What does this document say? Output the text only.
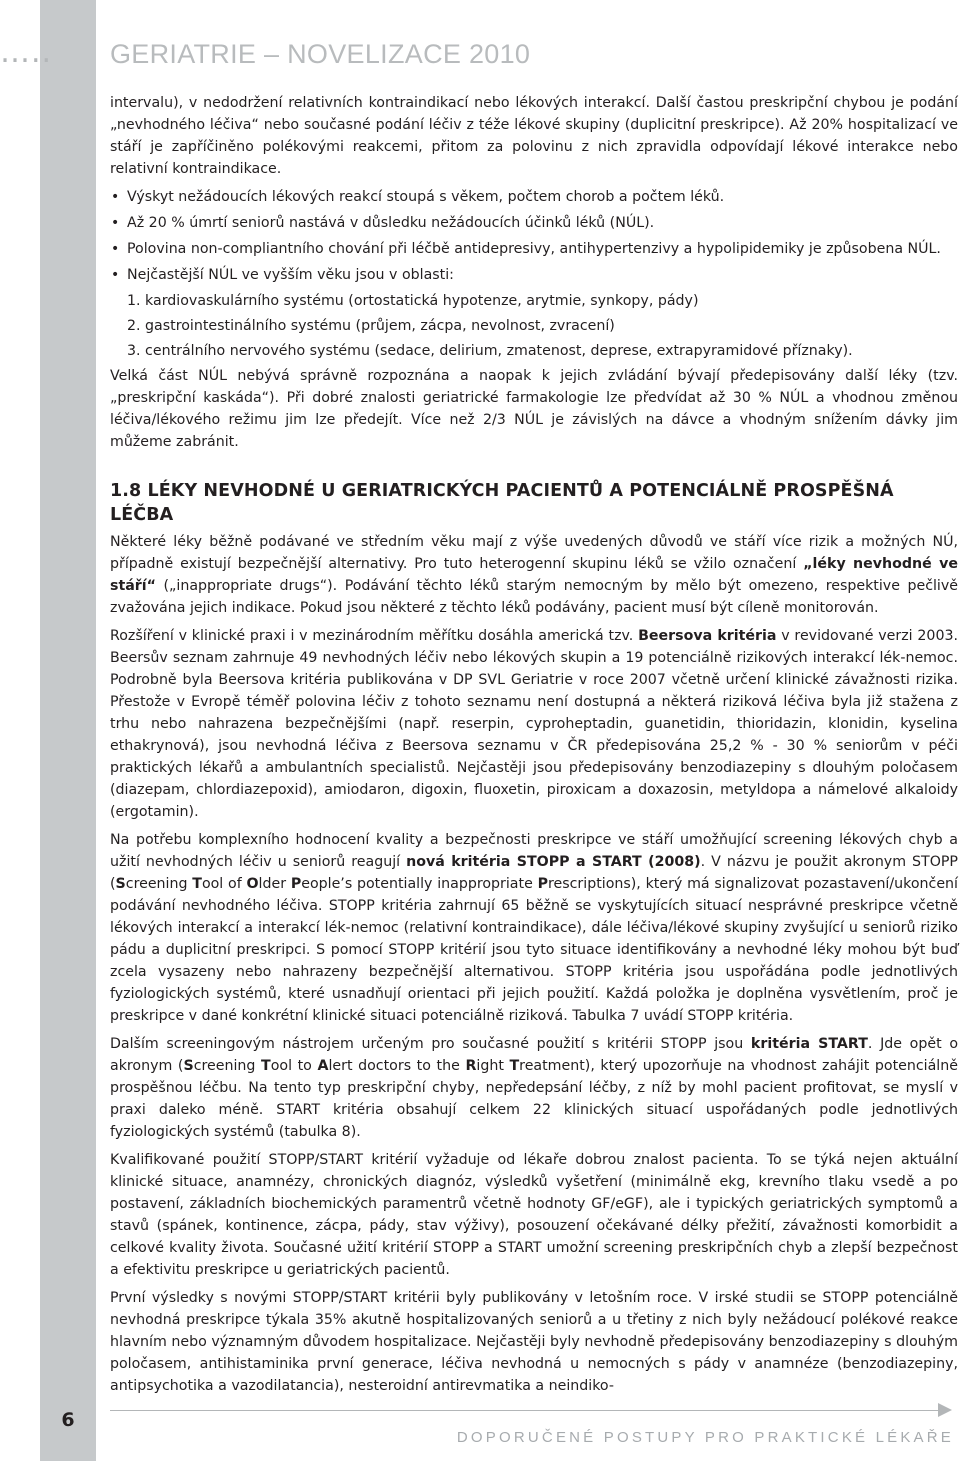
….. GERIATRIE – NOVELIZACE 2010

intervalu), v nedodržení relativních kontraindikací nebo lékových interakcí. Další častou preskripční chybou je podání „nevhodného léčiva“ nebo současné podání léčiv z téže lékové skupiny (duplicitní preskripce). Až 20% hospitalizací ve stáří je zapříčiněno polékovými reakcemi, přitom za polovinu z nich zpravidla odpovídají lékové interakce nebo relativní kontraindikace.

• Výskyt nežádoucích lékových reakcí stoupá s věkem, počtem chorob a počtem léků.
• Až 20 % úmrtí seniorů nastává v důsledku nežádoucích účinků léků (NÚL).
• Polovina non-compliantního chování při léčbě antidepresivy, antihypertenzivy a hypolipidemiky je způsobena NÚL.
• Nejčastější NÚL ve vyšším věku jsou v oblasti:
1. kardiovaskulárního systému (ortostatická hypotenze, arytmie, synkopy, pády)
2. gastrointestinálního systému (průjem, zácpa, nevolnost, zvracení)
3. centrálního nervového systému (sedace, delirium, zmatenost, deprese, extrapyramidové příznaky).

Velká část NÚL nebývá správně rozpoznána a naopak k jejich zvládání bývají předepisovány další léky (tzv. „preskripční kaskáda“). Při dobré znalosti geriatrické farmakologie lze předvídat až 30 % NÚL a vhodnou změnou léčiva/lékového režimu jim lze předejít. Více než 2/3 NÚL je závislých na dávce a vhodným snížením dávky jim můžeme zabránit.

1.8 LÉKY NEVHODNÉ U GERIATRICKÝCH PACIENTŮ A POTENCIÁLNĚ PROSPĚŠNÁ LÉČBA

Některé léky běžně podávané ve středním věku mají z výše uvedených důvodů ve stáří více rizik a možných NÚ, případně existují bezpečnější alternativy. Pro tuto heterogenní skupinu léků se vžilo označení „léky nevhodné ve stáří“ („inappropriate drugs“). Podávání těchto léků starým nemocným by mělo být omezeno, respektive pečlivě zvažována jejich indikace. Pokud jsou některé z těchto léků podávány, pacient musí být cíleně monitorován.

Rozšíření v klinické praxi i v mezinárodním měřítku dosáhla americká tzv. Beersova kritéria v revidované verzi 2003. Beersův seznam zahrnuje 49 nevhodných léčiv nebo lékových skupin a 19 potenciálně rizikových interakcí lék-nemoc. Podrobně byla Beersova kritéria publikována v DP SVL Geriatrie v roce 2007 včetně určení klinické závažnosti rizika. Přestože v Evropě téměř polovina léčiv z tohoto seznamu není dostupná a některá riziková léčiva byla již stažena z trhu nebo nahrazena bezpečnějšími (např. reserpin, cyproheptadin, guanetidin, thioridazin, klonidin, kyselina ethakrynová), jsou nevhodná léčiva z Beersova seznamu v ČR předepisována 25,2 % - 30 % seniorům v péči praktických lékařů a ambulantních specialistů. Nejčastěji jsou předepisovány benzodiazepiny s dlouhým poločasem (diazepam, chlordiazepoxid), amiodaron, digoxin, fluoxetin, piroxicam a doxazosin, metyldopa a námelové alkaloidy (ergotamin).

Na potřebu komplexního hodnocení kvality a bezpečnosti preskripce ve stáří umožňující screening lékových chyb a užití nevhodných léčiv u seniorů reagují nová kritéria STOPP a START (2008). V názvu je použit akronym STOPP (Screening Tool of Older People’s potentially inappropriate Prescriptions), který má signalizovat pozastavení/ukončení podávání nevhodného léčiva. STOPP kritéria zahrnují 65 běžně se vyskytujících situací nesprávné preskripce včetně lékových interakcí a interakcí lék-nemoc (relativní kontraindikace), dále léčiva/lékové skupiny zvyšující u seniorů riziko pádu a duplicitní preskripci. S pomocí STOPP kritérií jsou tyto situace identifikovány a nevhodné léky mohou být buď zcela vysazeny nebo nahrazeny bezpečnější alternativou. STOPP kritéria jsou uspořádána podle jednotlivých fyziologických systémů, které usnadňují orientaci při jejich použití. Každá položka je doplněna vysvětlením, proč je preskripce v dané konkrétní klinické situaci potenciálně riziková. Tabulka 7 uvádí STOPP kritéria.

Dalším screeningovým nástrojem určeným pro současné použití s kritérii STOPP jsou kritéria START. Jde opět o akronym (Screening Tool to Alert doctors to the Right Treatment), který upozorňuje na vhodnost zahájit potenciálně prospěšnou léčbu. Na tento typ preskripční chyby, nepředepsání léčby, z níž by mohl pacient profitovat, se myslí v praxi daleko méně. START kritéria obsahují celkem 22 klinických situací uspořádaných podle jednotlivých fyziologických systémů (tabulka 8).

Kvalifikované použití STOPP/START kritérií vyžaduje od lékaře dobrou znalost pacienta. To se týká nejen aktuální klinické situace, anamnézy, chronických diagnóz, výsledků vyšetření (minimálně ekg, krevního tlaku vsedě a po postavení, základních biochemických paramentrů včetně hodnoty GF/eGF), ale i typických geriatrických symptomů a stavů (spánek, kontinence, zácpa, pády, stav výživy), posouzení očekávané délky přežití, závažnosti komorbidit a celkové kvality života. Současné užití kritérií STOPP a START umožní screening preskripčních chyb a zlepší bezpečnost a efektivitu preskripce u geriatrických pacientů.

První výsledky s novými STOPP/START kritérii byly publikovány v letošním roce. V irské studii se STOPP potenciálně nevhodná preskripce týkala 35% akutně hospitalizovaných seniorů a u třetiny z nich byly nežádoucí polékové reakce hlavním nebo významným důvodem hospitalizace. Nejčastěji byly nevhodně předepisovány benzodiazepiny s dlouhým poločasem, antihistaminika první generace, léčiva nevhodná u nemocných s pády v anamnéze (benzodiazepiny, antipsychotika a vazodilatancia), nesteroidní antirevmatika a neindiko-

6
DOPORUČENÉ POSTUPY PRO PRAKTICKÉ LÉKAŘE
